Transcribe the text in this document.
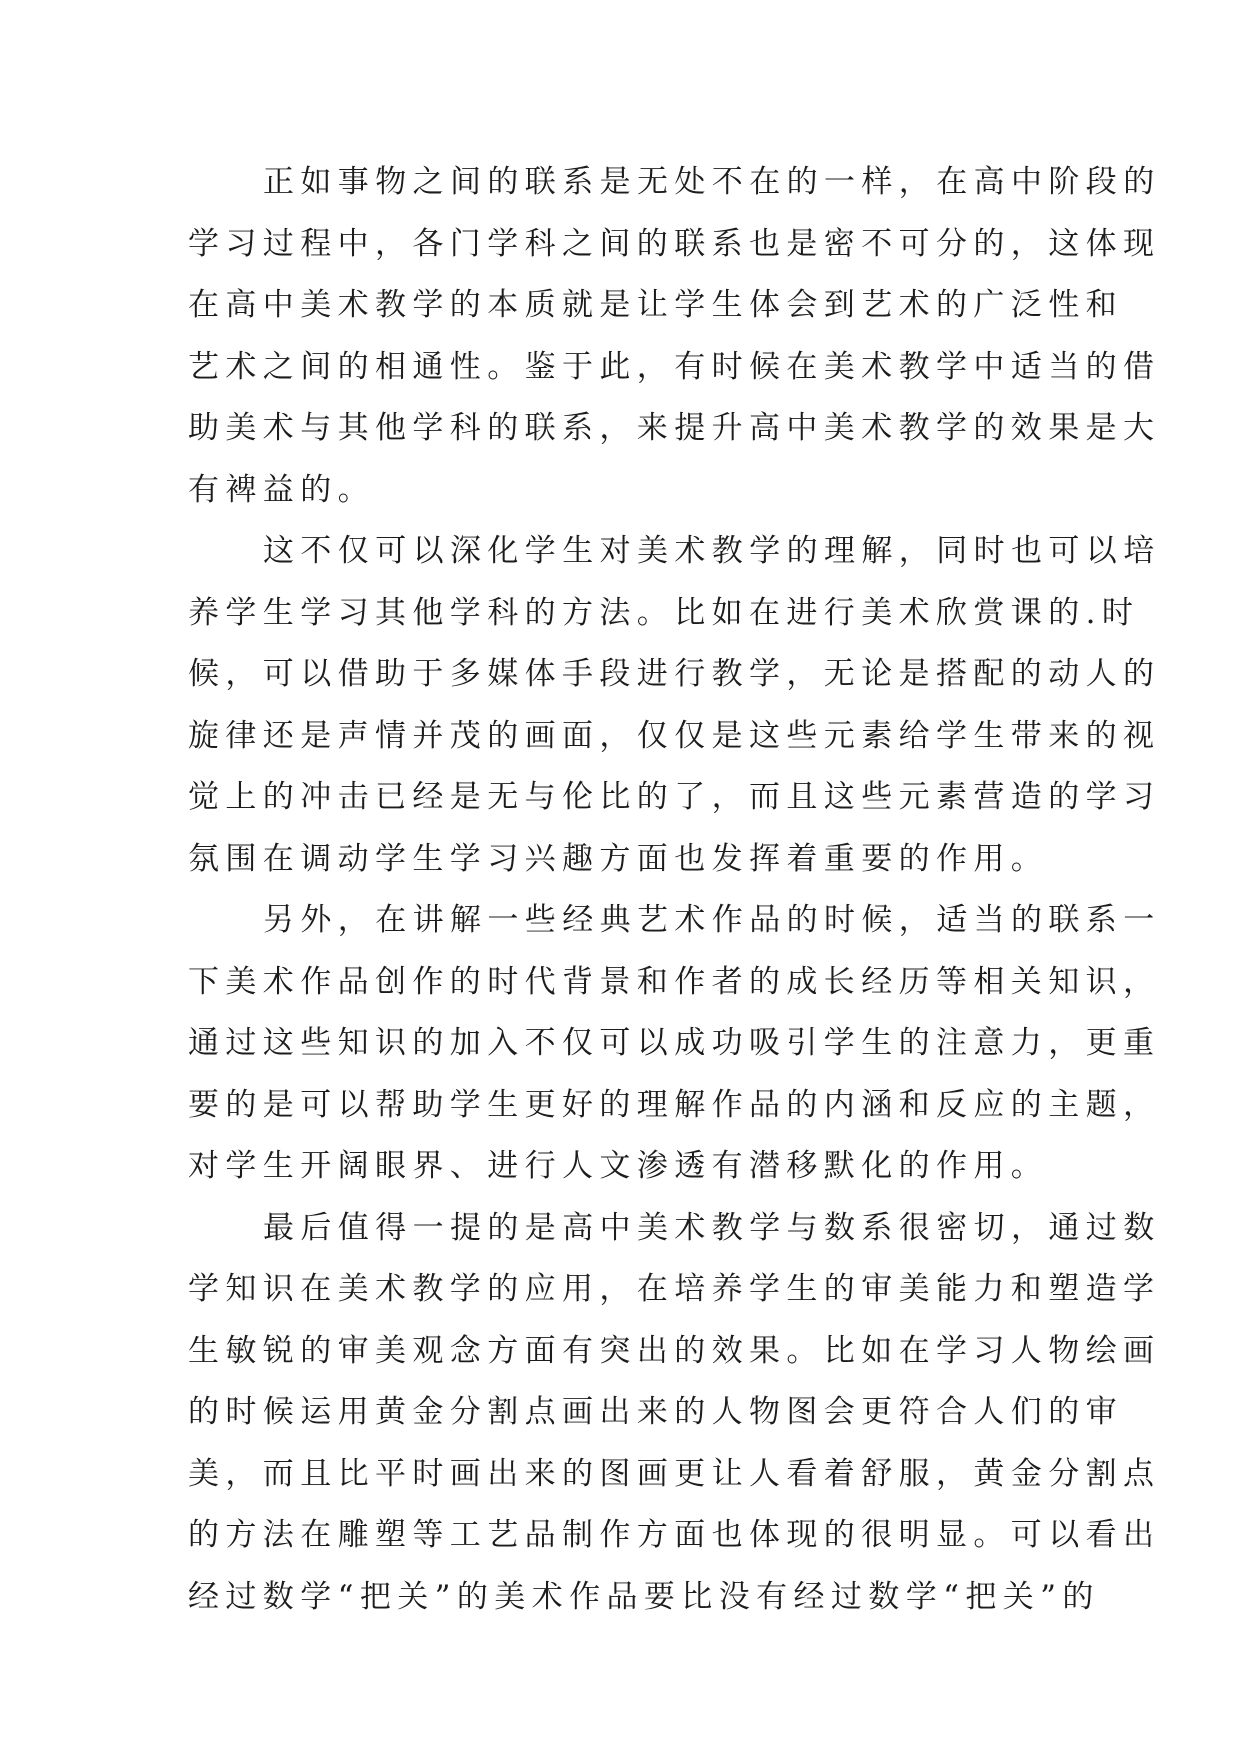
正如事物之间的联系是无处不在的一样，在高中阶段的
学习过程中，各门学科之间的联系也是密不可分的，这体现
在高中美术教学的本质就是让学生体会到艺术的广泛性和
艺术之间的相通性。鉴于此，有时候在美术教学中适当的借
助美术与其他学科的联系，来提升高中美术教学的效果是大
有裨益的。
这不仅可以深化学生对美术教学的理解，同时也可以培
养学生学习其他学科的方法。比如在进行美术欣赏课的.时
候，可以借助于多媒体手段进行教学，无论是搭配的动人的
旋律还是声情并茂的画面，仅仅是这些元素给学生带来的视
觉上的冲击已经是无与伦比的了，而且这些元素营造的学习
氛围在调动学生学习兴趣方面也发挥着重要的作用。
另外，在讲解一些经典艺术作品的时候，适当的联系一
下美术作品创作的时代背景和作者的成长经历等相关知识，
通过这些知识的加入不仅可以成功吸引学生的注意力，更重
要的是可以帮助学生更好的理解作品的内涵和反应的主题，
对学生开阔眼界、进行人文渗透有潜移默化的作用。
最后值得一提的是高中美术教学与数系很密切，通过数
学知识在美术教学的应用，在培养学生的审美能力和塑造学
生敏锐的审美观念方面有突出的效果。比如在学习人物绘画
的时候运用黄金分割点画出来的人物图会更符合人们的审
美，而且比平时画出来的图画更让人看着舒服，黄金分割点
的方法在雕塑等工艺品制作方面也体现的很明显。可以看出
经过数学“把关”的美术作品要比没有经过数学“把关”的
